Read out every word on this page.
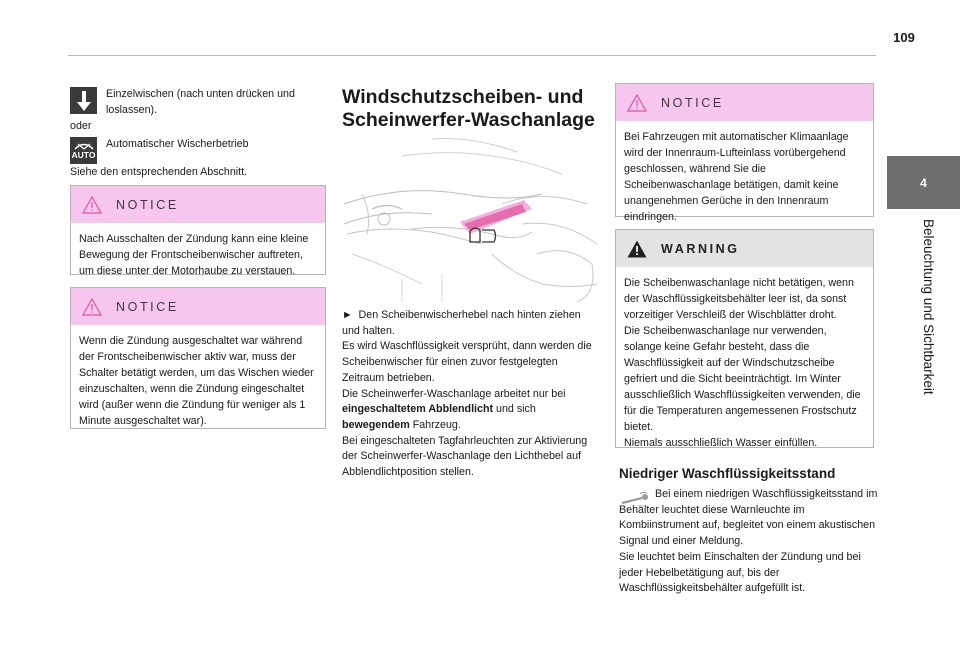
109
4
Beleuchtung und Sichtbarkeit
Einzelwischen (nach unten drücken und loslassen).
oder
AUTO
Automatischer Wischerbetrieb
Siehe den entsprechenden Abschnitt.
NOTICE
Nach Ausschalten der Zündung kann eine kleine Bewegung der Frontscheibenwischer auftreten, um diese unter der Motorhaube zu verstauen.
NOTICE
Wenn die Zündung ausgeschaltet war während der Frontscheibenwischer aktiv war, muss der Schalter betätigt werden, um das Wischen wieder einzuschalten, wenn die Zündung eingeschaltet wird (außer wenn die Zündung für weniger als 1 Minute ausgeschaltet war).
Windschutzscheiben- und
Scheinwerfer-Waschanlage
► Den Scheibenwischerhebel nach hinten ziehen und halten.
Es wird Waschflüssigkeit versprüht, dann werden die Scheibenwischer für einen zuvor festgelegten Zeitraum betrieben.
Die Scheinwerfer-Waschanlage arbeitet nur bei eingeschaltetem Abblendlicht und sich bewegendem Fahrzeug.
Bei eingeschalteten Tagfahrleuchten zur Aktivierung der Scheinwerfer-Waschanlage den Lichthebel auf Abblendlichtposition stellen.
NOTICE
Bei Fahrzeugen mit automatischer Klimaanlage wird der Innenraum-Lufteinlass vorübergehend geschlossen, während Sie die Scheibenwaschanlage betätigen, damit keine unangenehmen Gerüche in den Innenraum eindringen.
WARNING
Die Scheibenwaschanlage nicht betätigen, wenn der Waschflüssigkeitsbehälter leer ist, da sonst vorzeitiger Verschleiß der Wischblätter droht.
Die Scheibenwaschanlage nur verwenden, solange keine Gefahr besteht, dass die Waschflüssigkeit auf der Windschutzscheibe gefriert und die Sicht beeinträchtigt. Im Winter ausschließlich Waschflüssigkeiten verwenden, die für die Temperaturen angemessenen Frostschutz bietet.
Niemals ausschließlich Wasser einfüllen.
Niedriger Waschflüssigkeitsstand
Bei einem niedrigen Waschflüssigkeitsstand im Behälter leuchtet diese Warnleuchte im Kombiinstrument auf, begleitet von einem akustischen Signal und einer Meldung.
Sie leuchtet beim Einschalten der Zündung und bei jeder Hebelbetätigung auf, bis der Waschflüssigkeitsbehälter aufgefüllt ist.
